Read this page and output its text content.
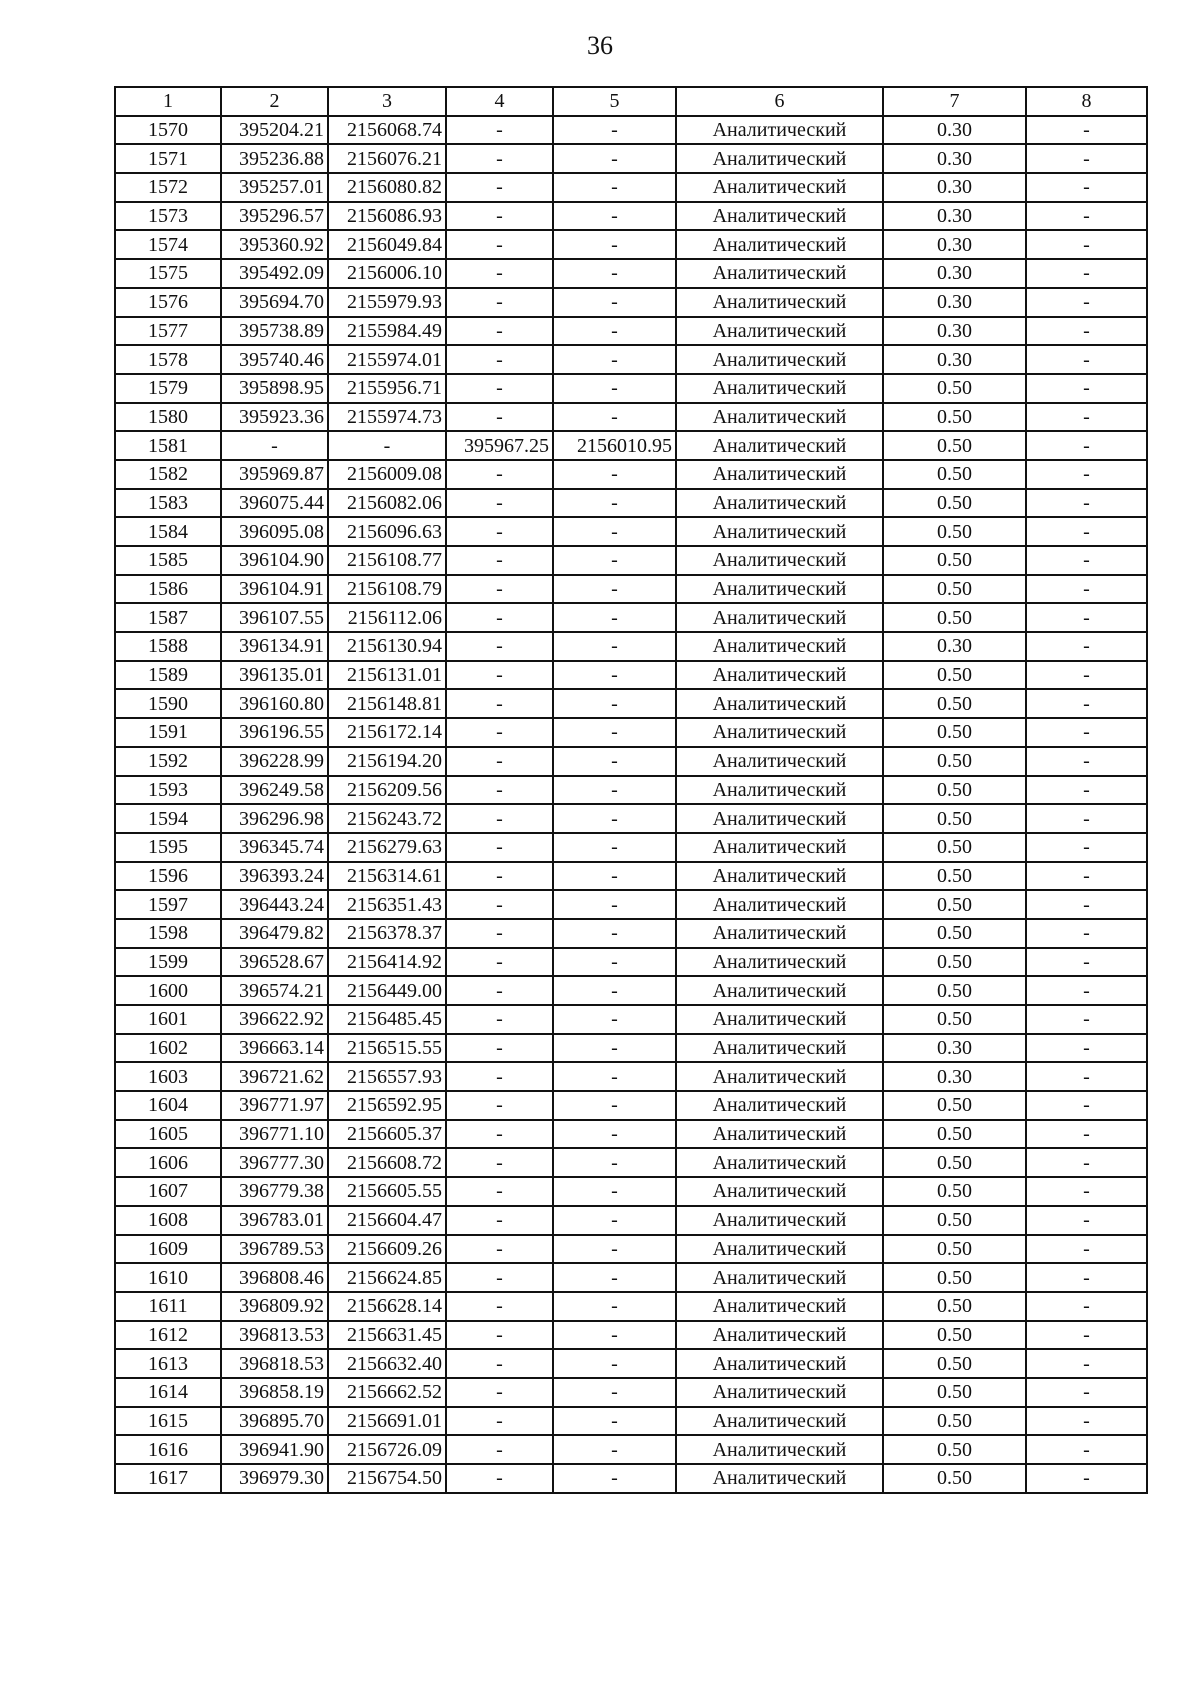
36
1	2	3	4	5	6	7	8
1570	395204.21	2156068.74	-	-	Аналитический	0.30	-
1571	395236.88	2156076.21	-	-	Аналитический	0.30	-
1572	395257.01	2156080.82	-	-	Аналитический	0.30	-
1573	395296.57	2156086.93	-	-	Аналитический	0.30	-
1574	395360.92	2156049.84	-	-	Аналитический	0.30	-
1575	395492.09	2156006.10	-	-	Аналитический	0.30	-
1576	395694.70	2155979.93	-	-	Аналитический	0.30	-
1577	395738.89	2155984.49	-	-	Аналитический	0.30	-
1578	395740.46	2155974.01	-	-	Аналитический	0.30	-
1579	395898.95	2155956.71	-	-	Аналитический	0.50	-
1580	395923.36	2155974.73	-	-	Аналитический	0.50	-
1581	-	-	395967.25	2156010.95	Аналитический	0.50	-
1582	395969.87	2156009.08	-	-	Аналитический	0.50	-
1583	396075.44	2156082.06	-	-	Аналитический	0.50	-
1584	396095.08	2156096.63	-	-	Аналитический	0.50	-
1585	396104.90	2156108.77	-	-	Аналитический	0.50	-
1586	396104.91	2156108.79	-	-	Аналитический	0.50	-
1587	396107.55	2156112.06	-	-	Аналитический	0.50	-
1588	396134.91	2156130.94	-	-	Аналитический	0.30	-
1589	396135.01	2156131.01	-	-	Аналитический	0.50	-
1590	396160.80	2156148.81	-	-	Аналитический	0.50	-
1591	396196.55	2156172.14	-	-	Аналитический	0.50	-
1592	396228.99	2156194.20	-	-	Аналитический	0.50	-
1593	396249.58	2156209.56	-	-	Аналитический	0.50	-
1594	396296.98	2156243.72	-	-	Аналитический	0.50	-
1595	396345.74	2156279.63	-	-	Аналитический	0.50	-
1596	396393.24	2156314.61	-	-	Аналитический	0.50	-
1597	396443.24	2156351.43	-	-	Аналитический	0.50	-
1598	396479.82	2156378.37	-	-	Аналитический	0.50	-
1599	396528.67	2156414.92	-	-	Аналитический	0.50	-
1600	396574.21	2156449.00	-	-	Аналитический	0.50	-
1601	396622.92	2156485.45	-	-	Аналитический	0.50	-
1602	396663.14	2156515.55	-	-	Аналитический	0.30	-
1603	396721.62	2156557.93	-	-	Аналитический	0.30	-
1604	396771.97	2156592.95	-	-	Аналитический	0.50	-
1605	396771.10	2156605.37	-	-	Аналитический	0.50	-
1606	396777.30	2156608.72	-	-	Аналитический	0.50	-
1607	396779.38	2156605.55	-	-	Аналитический	0.50	-
1608	396783.01	2156604.47	-	-	Аналитический	0.50	-
1609	396789.53	2156609.26	-	-	Аналитический	0.50	-
1610	396808.46	2156624.85	-	-	Аналитический	0.50	-
1611	396809.92	2156628.14	-	-	Аналитический	0.50	-
1612	396813.53	2156631.45	-	-	Аналитический	0.50	-
1613	396818.53	2156632.40	-	-	Аналитический	0.50	-
1614	396858.19	2156662.52	-	-	Аналитический	0.50	-
1615	396895.70	2156691.01	-	-	Аналитический	0.50	-
1616	396941.90	2156726.09	-	-	Аналитический	0.50	-
1617	396979.30	2156754.50	-	-	Аналитический	0.50	-
